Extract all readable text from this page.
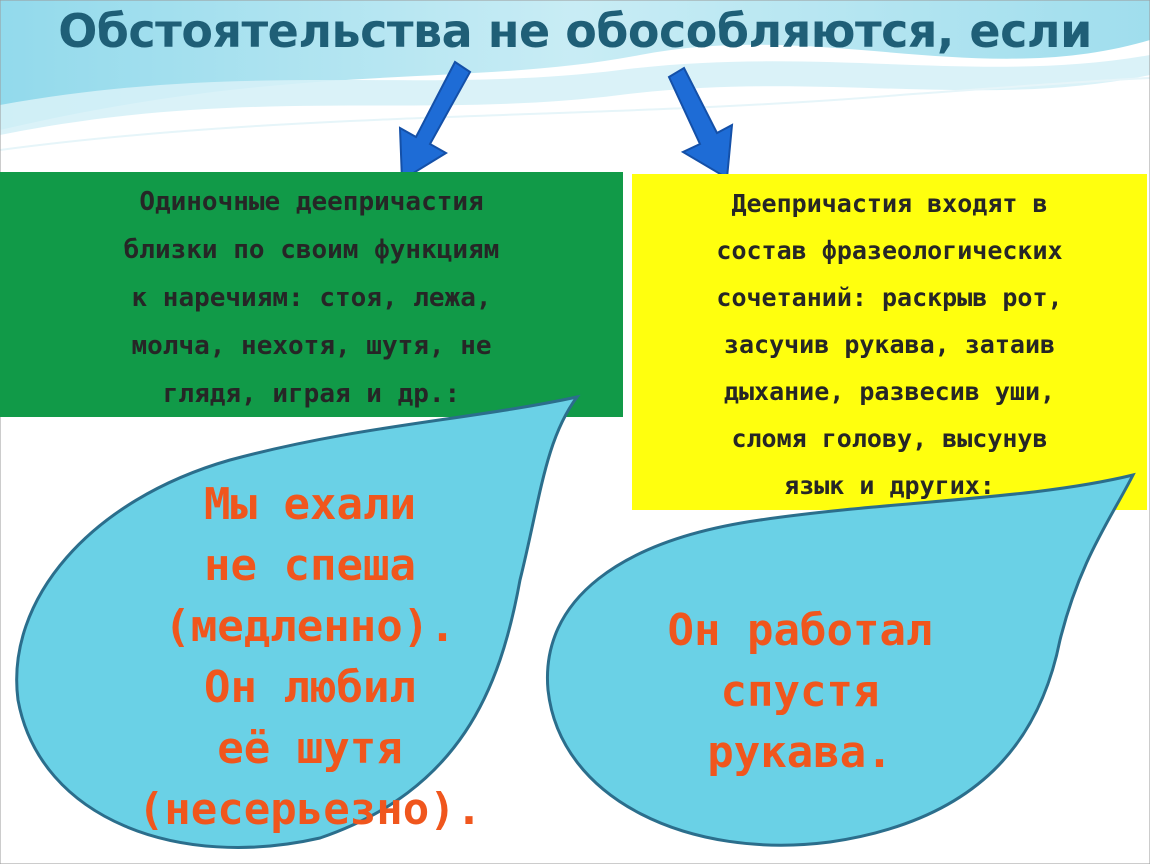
Обстоятельства не обособляются, если
Одиночные деепричастия
близки по своим функциям
к наречиям: стоя, лежа,
молча, нехотя, шутя, не
глядя, играя и др.:
Деепричастия входят в
состав фразеологических
сочетаний: раскрыв рот,
засучив рукава, затаив
дыхание, развесив уши,
сломя голову, высунув
язык и других:
Мы ехали
не спеша
(медленно).
Он любил
её шутя
(несерьезно).
Он работал
спустя
рукава.
